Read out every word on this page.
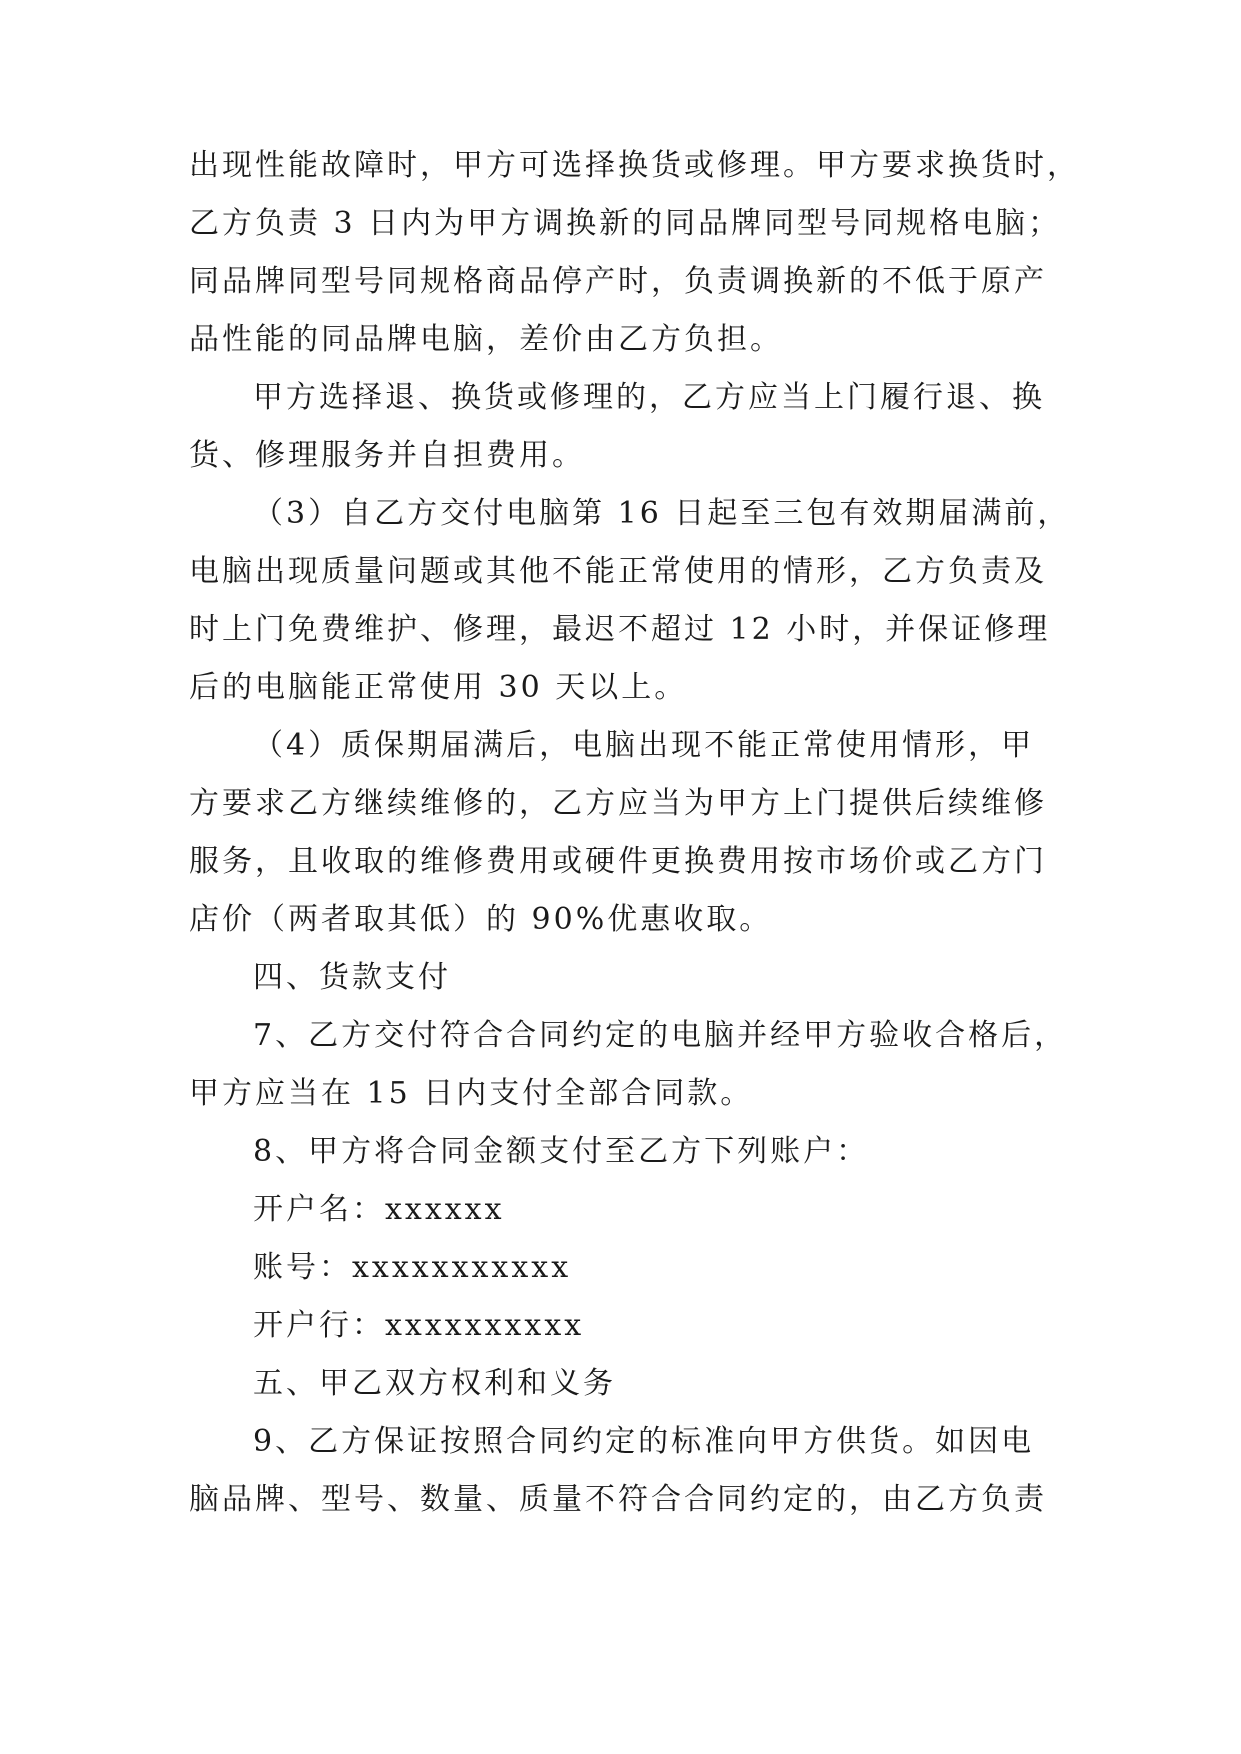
出现性能故障时，甲方可选择换货或修理。甲方要求换货时，
乙方负责 3 日内为甲方调换新的同品牌同型号同规格电脑；
同品牌同型号同规格商品停产时，负责调换新的不低于原产
品性能的同品牌电脑，差价由乙方负担。
甲方选择退、换货或修理的，乙方应当上门履行退、换
货、修理服务并自担费用。
（3）自乙方交付电脑第 16 日起至三包有效期届满前，
电脑出现质量问题或其他不能正常使用的情形，乙方负责及
时上门免费维护、修理，最迟不超过 12 小时，并保证修理
后的电脑能正常使用 30 天以上。
（4）质保期届满后，电脑出现不能正常使用情形，甲
方要求乙方继续维修的，乙方应当为甲方上门提供后续维修
服务，且收取的维修费用或硬件更换费用按市场价或乙方门
店价（两者取其低）的 90%优惠收取。
四、货款支付
7、乙方交付符合合同约定的电脑并经甲方验收合格后，
甲方应当在 15 日内支付全部合同款。
8、甲方将合同金额支付至乙方下列账户：
开户名：xxxxxx
账号：xxxxxxxxxxx
开户行：xxxxxxxxxx
五、甲乙双方权利和义务
9、乙方保证按照合同约定的标准向甲方供货。如因电
脑品牌、型号、数量、质量不符合合同约定的，由乙方负责
